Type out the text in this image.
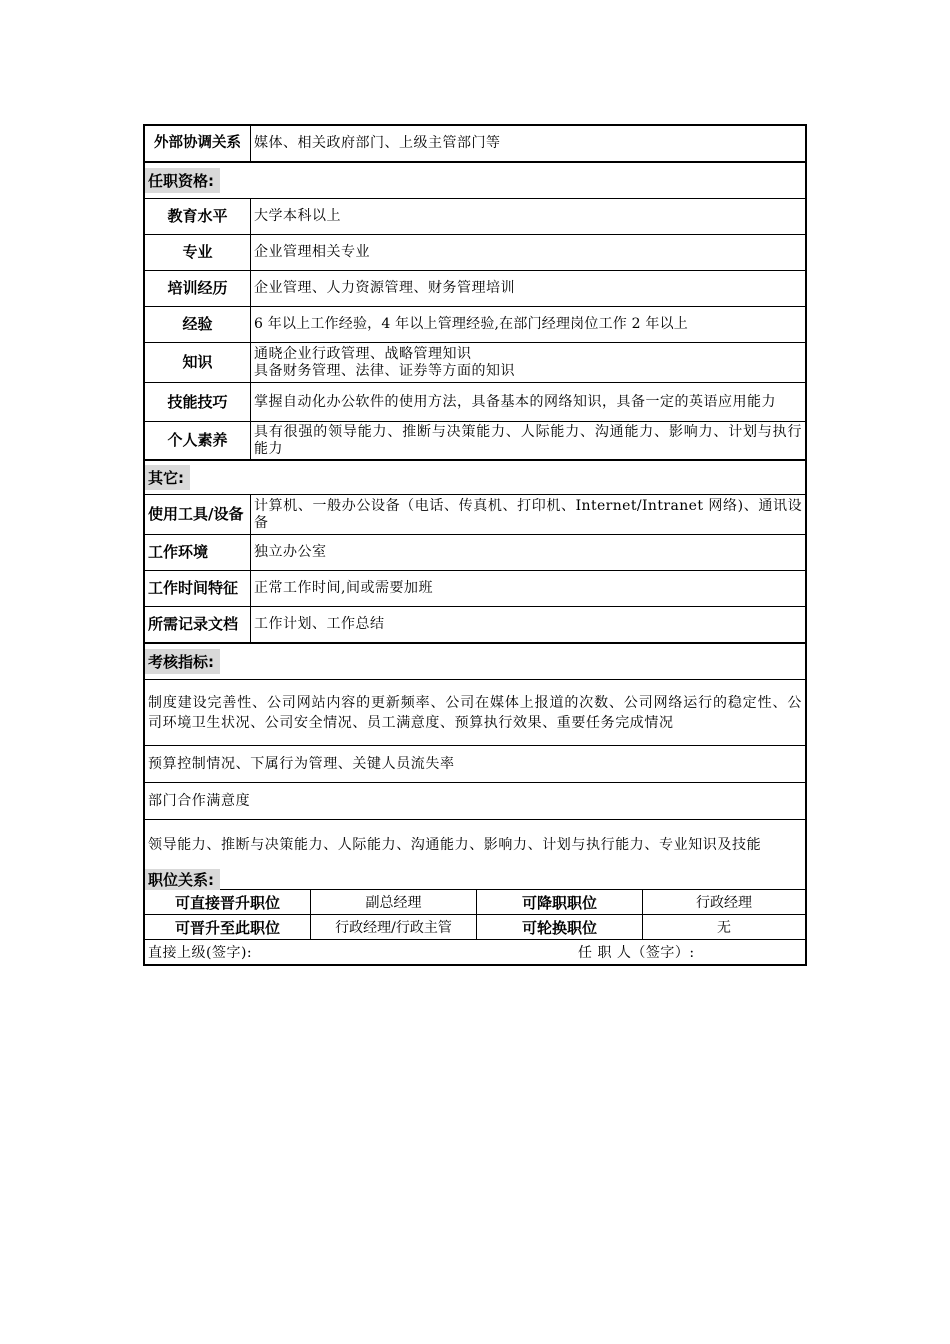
外部协调关系 媒体、相关政府部门、上级主管部门等
任职资格:
教育水平	大学本科以上
专业	企业管理相关专业
培训经历	企业管理、人力资源管理、财务管理培训
经验	6 年以上工作经验，4 年以上管理经验,在部门经理岗位工作 2 年以上
知识	通晓企业行政管理、战略管理知识
具备财务管理、法律、证券等方面的知识
技能技巧	掌握自动化办公软件的使用方法，具备基本的网络知识，具备一定的英语应用能力
个人素养	具有很强的领导能力、推断与决策能力、人际能力、沟通能力、影响力、计划与执行能力
其它:
使用工具/设备 计算机、一般办公设备（电话、传真机、打印机、Internet/Intranet 网络)、通讯设备
工作环境	独立办公室
工作时间特征	正常工作时间,间或需要加班
所需记录文档	工作计划、工作总结
考核指标:
制度建设完善性、公司网站内容的更新频率、公司在媒体上报道的次数、公司网络运行的稳定性、公司环境卫生状况、公司安全情况、员工满意度、预算执行效果、重要任务完成情况
预算控制情况、下属行为管理、关键人员流失率
部门合作满意度
领导能力、推断与决策能力、人际能力、沟通能力、影响力、计划与执行能力、专业知识及技能
职位关系:
可直接晋升职位	副总经理	可降职职位	行政经理
可晋升至此职位	行政经理/行政主管	可轮换职位	无
直接上级(签字):	任 职 人（签字）:
